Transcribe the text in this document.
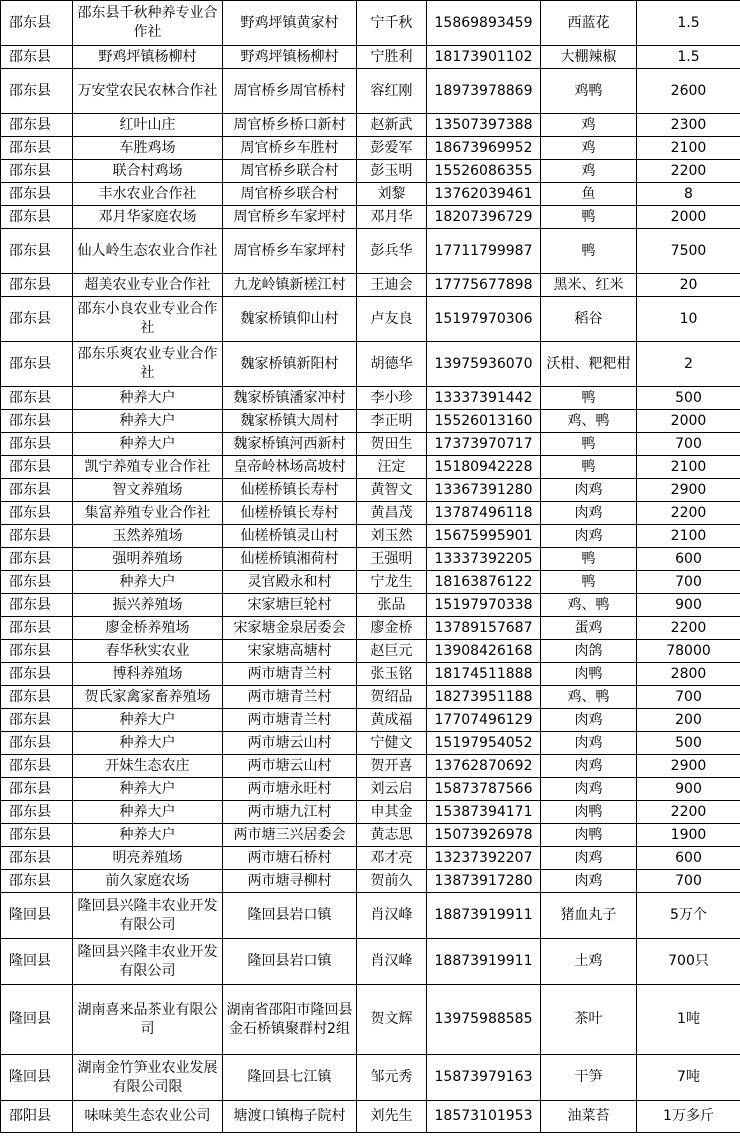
邵东县	邵东县千秋种养专业合作社	野鸡坪镇黄家村	宁千秋	15869893459	西蓝花	1.5
邵东县	野鸡坪镇杨柳村	野鸡坪镇杨柳村	宁胜利	18173901102	大棚辣椒	1.5
邵东县	万安堂农民农林合作社	周官桥乡周官桥村	容红刚	18973978869	鸡鸭	2600
邵东县	红叶山庄	周官桥乡桥口新村	赵新武	13507397388	鸡	2300
邵东县	车胜鸡场	周官桥乡车胜村	彭爱军	18673969952	鸡	2100
邵东县	联合村鸡场	周官桥乡联合村	彭玉明	15526086355	鸡	2200
邵东县	丰水农业合作社	周官桥乡联合村	刘黎	13762039461	鱼	8
邵东县	邓月华家庭农场	周官桥乡车家坪村	邓月华	18207396729	鸭	2000
邵东县	仙人岭生态农业合作社	周官桥乡车家坪村	彭兵华	17711799987	鸭	7500
邵东县	超美农业专业合作社	九龙岭镇新槎江村	王迪会	17775677898	黑米、红米	20
邵东县	邵东小良农业专业合作社	魏家桥镇仰山村	卢友良	15197970306	稻谷	10
邵东县	邵东乐爽农业专业合作社	魏家桥镇新阳村	胡德华	13975936070	沃柑、粑粑柑	2
邵东县	种养大户	魏家桥镇潘家冲村	李小珍	13337391442	鸭	500
邵东县	种养大户	魏家桥镇大周村	李正明	15526013160	鸡、鸭	2000
邵东县	种养大户	魏家桥镇河西新村	贺田生	17373970717	鸭	700
邵东县	凯宁养殖专业合作社	皇帝岭林场高坡村	汪定	15180942228	鸭	2100
邵东县	智文养殖场	仙槎桥镇长寿村	黄智文	13367391280	肉鸡	2900
邵东县	集富养殖专业合作社	仙槎桥镇长寿村	黄昌茂	13787496118	肉鸡	2200
邵东县	玉然养殖场	仙槎桥镇灵山村	刘玉然	15675995901	肉鸡	2100
邵东县	强明养殖场	仙槎桥镇湘荷村	王强明	13337392205	鸭	600
邵东县	种养大户	灵官殿永和村	宁龙生	18163876122	鸭	700
邵东县	振兴养殖场	宋家塘巨轮村	张品	15197970338	鸡、鸭	900
邵东县	廖金桥养殖场	宋家塘金泉居委会	廖金桥	13789157687	蛋鸡	2200
邵东县	春华秋实农业	宋家塘高塘村	赵巨元	13908426168	肉鸽	78000
邵东县	博科养殖场	两市塘青兰村	张玉铭	18174511888	肉鸭	2800
邵东县	贺氏家禽家畜养殖场	两市塘青兰村	贺绍品	18273951188	鸡、鸭	700
邵东县	种养大户	两市塘青兰村	黄成福	17707496129	肉鸡	200
邵东县	种养大户	两市塘云山村	宁健文	15197954052	肉鸡	500
邵东县	开妹生态农庄	两市塘云山村	贺开喜	13762870692	肉鸡	2900
邵东县	种养大户	两市塘永旺村	刘云启	15873787566	肉鸡	900
邵东县	种养大户	两市塘九江村	申其金	15387394171	肉鸭	2200
邵东县	种养大户	两市塘三兴居委会	黄志思	15073926978	肉鸭	1900
邵东县	明亮养殖场	两市塘石桥村	邓才亮	13237392207	肉鸡	600
邵东县	前久家庭农场	两市塘寻柳村	贺前久	13873917280	肉鸡	700
隆回县	隆回县兴隆丰农业开发有限公司	隆回县岩口镇	肖汉峰	18873919911	猪血丸子	5万个
隆回县	隆回县兴隆丰农业开发有限公司	隆回县岩口镇	肖汉峰	18873919911	土鸡	700只
隆回县	湖南喜来品茶业有限公司	湖南省邵阳市隆回县金石桥镇聚群村2组	贺文辉	13975988585	茶叶	1吨
隆回县	湖南金竹笋业农业发展有限公司限	隆回县七江镇	邹元秀	15873979163	干笋	7吨
邵阳县	味味美生态农业公司	塘渡口镇梅子院村	刘先生	18573101953	油菜苔	1万多斤
